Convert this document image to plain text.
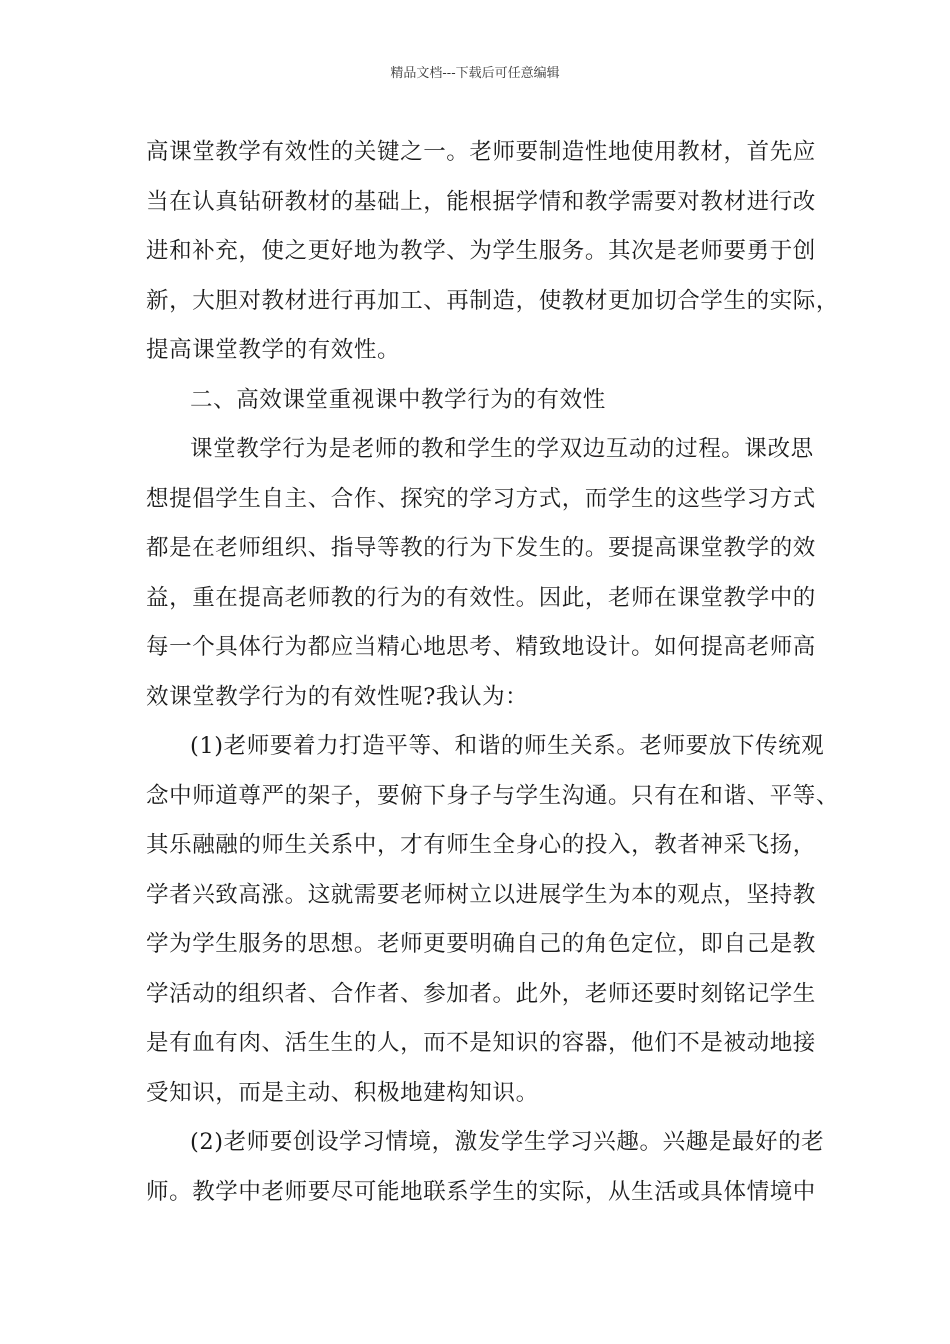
精品文档---下载后可任意编辑
高课堂教学有效性的关键之一。老师要制造性地使用教材，首先应
当在认真钻研教材的基础上，能根据学情和教学需要对教材进行改
进和补充，使之更好地为教学、为学生服务。其次是老师要勇于创
新，大胆对教材进行再加工、再制造，使教材更加切合学生的实际，
提高课堂教学的有效性。
二、高效课堂重视课中教学行为的有效性
课堂教学行为是老师的教和学生的学双边互动的过程。课改思
想提倡学生自主、合作、探究的学习方式，而学生的这些学习方式
都是在老师组织、指导等教的行为下发生的。要提高课堂教学的效
益，重在提高老师教的行为的有效性。因此，老师在课堂教学中的
每一个具体行为都应当精心地思考、精致地设计。如何提高老师高
效课堂教学行为的有效性呢?我认为：
(1)老师要着力打造平等、和谐的师生关系。老师要放下传统观
念中师道尊严的架子，要俯下身子与学生沟通。只有在和谐、平等、
其乐融融的师生关系中，才有师生全身心的投入，教者神采飞扬，
学者兴致高涨。这就需要老师树立以进展学生为本的观点，坚持教
学为学生服务的思想。老师更要明确自己的角色定位，即自己是教
学活动的组织者、合作者、参加者。此外，老师还要时刻铭记学生
是有血有肉、活生生的人，而不是知识的容器，他们不是被动地接
受知识，而是主动、积极地建构知识。
(2)老师要创设学习情境，激发学生学习兴趣。兴趣是最好的老
师。教学中老师要尽可能地联系学生的实际，从生活或具体情境中
